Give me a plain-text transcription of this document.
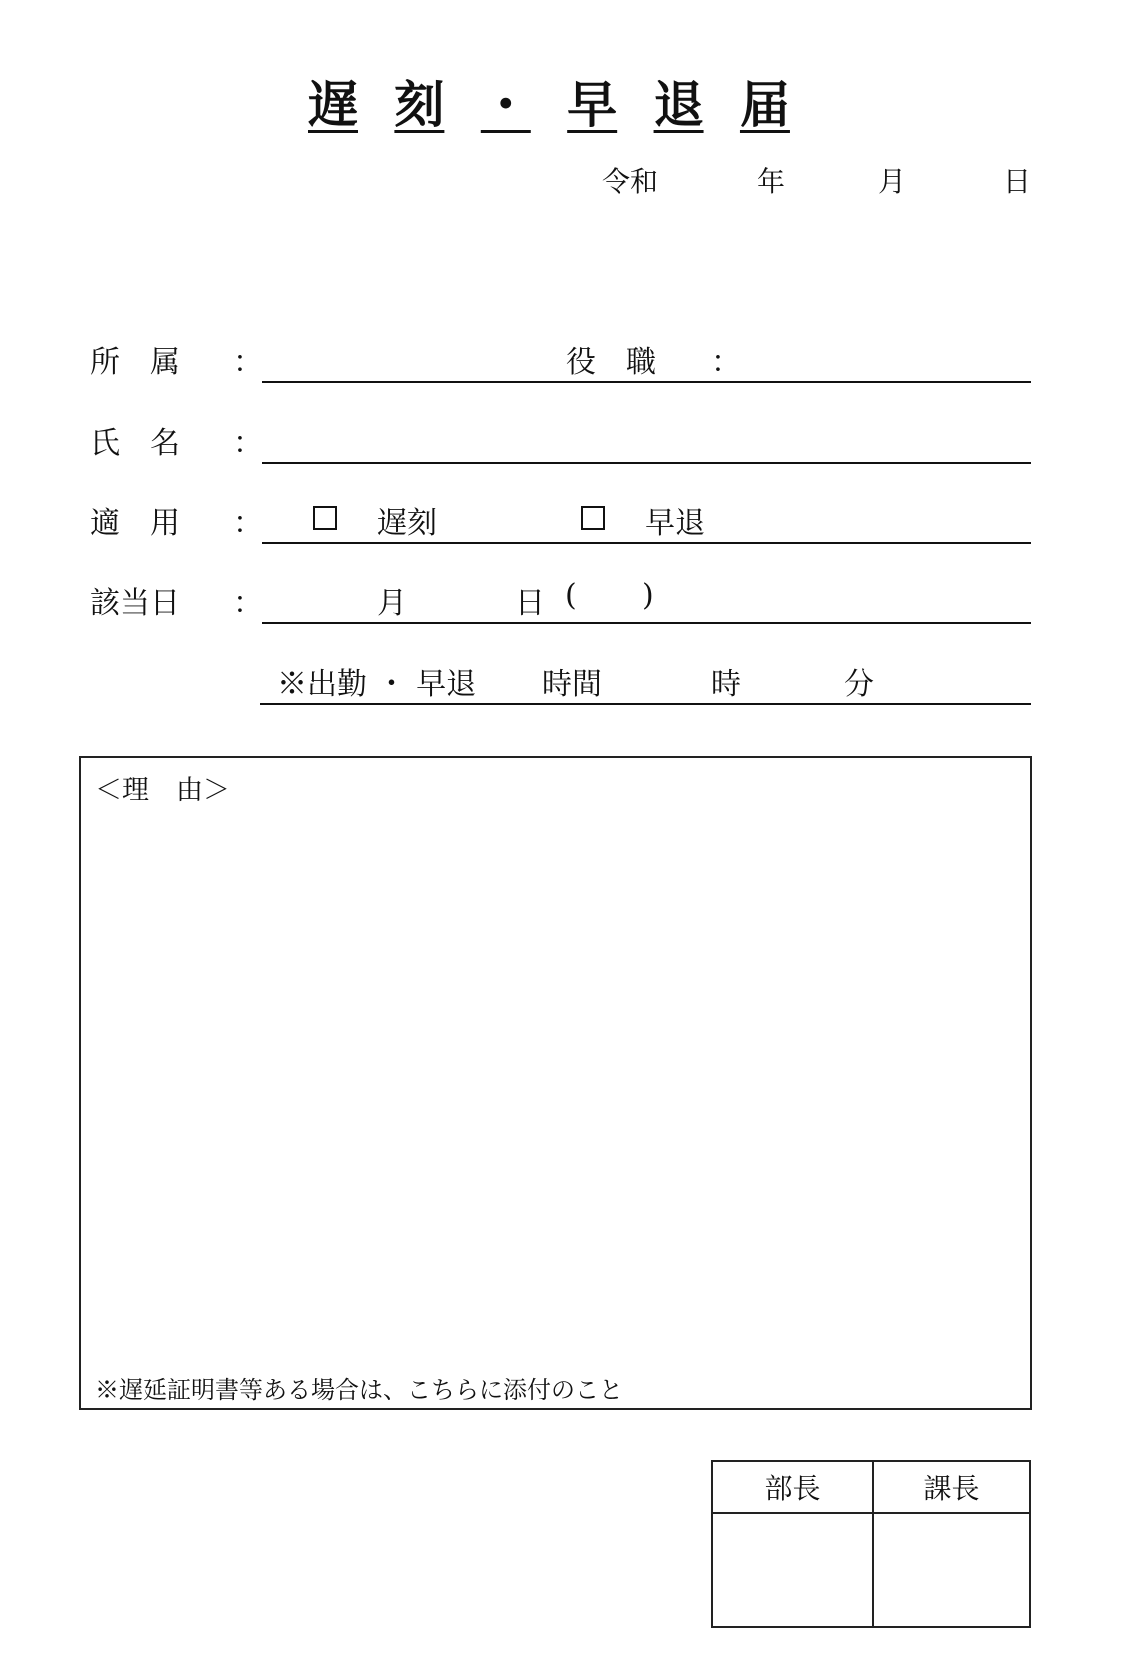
遅 刻 ・ 早 退 届
令和	年	月	日
所　属 ：	役　職 ：
氏　名 ：
適　用 ：	遅刻	早退
該当日 ：	月	日 ( )
※出勤 ・ 早退 時間	時	分
＜理　由＞
※遅延証明書等ある場合は、こちらに添付のこと
部長	課長
